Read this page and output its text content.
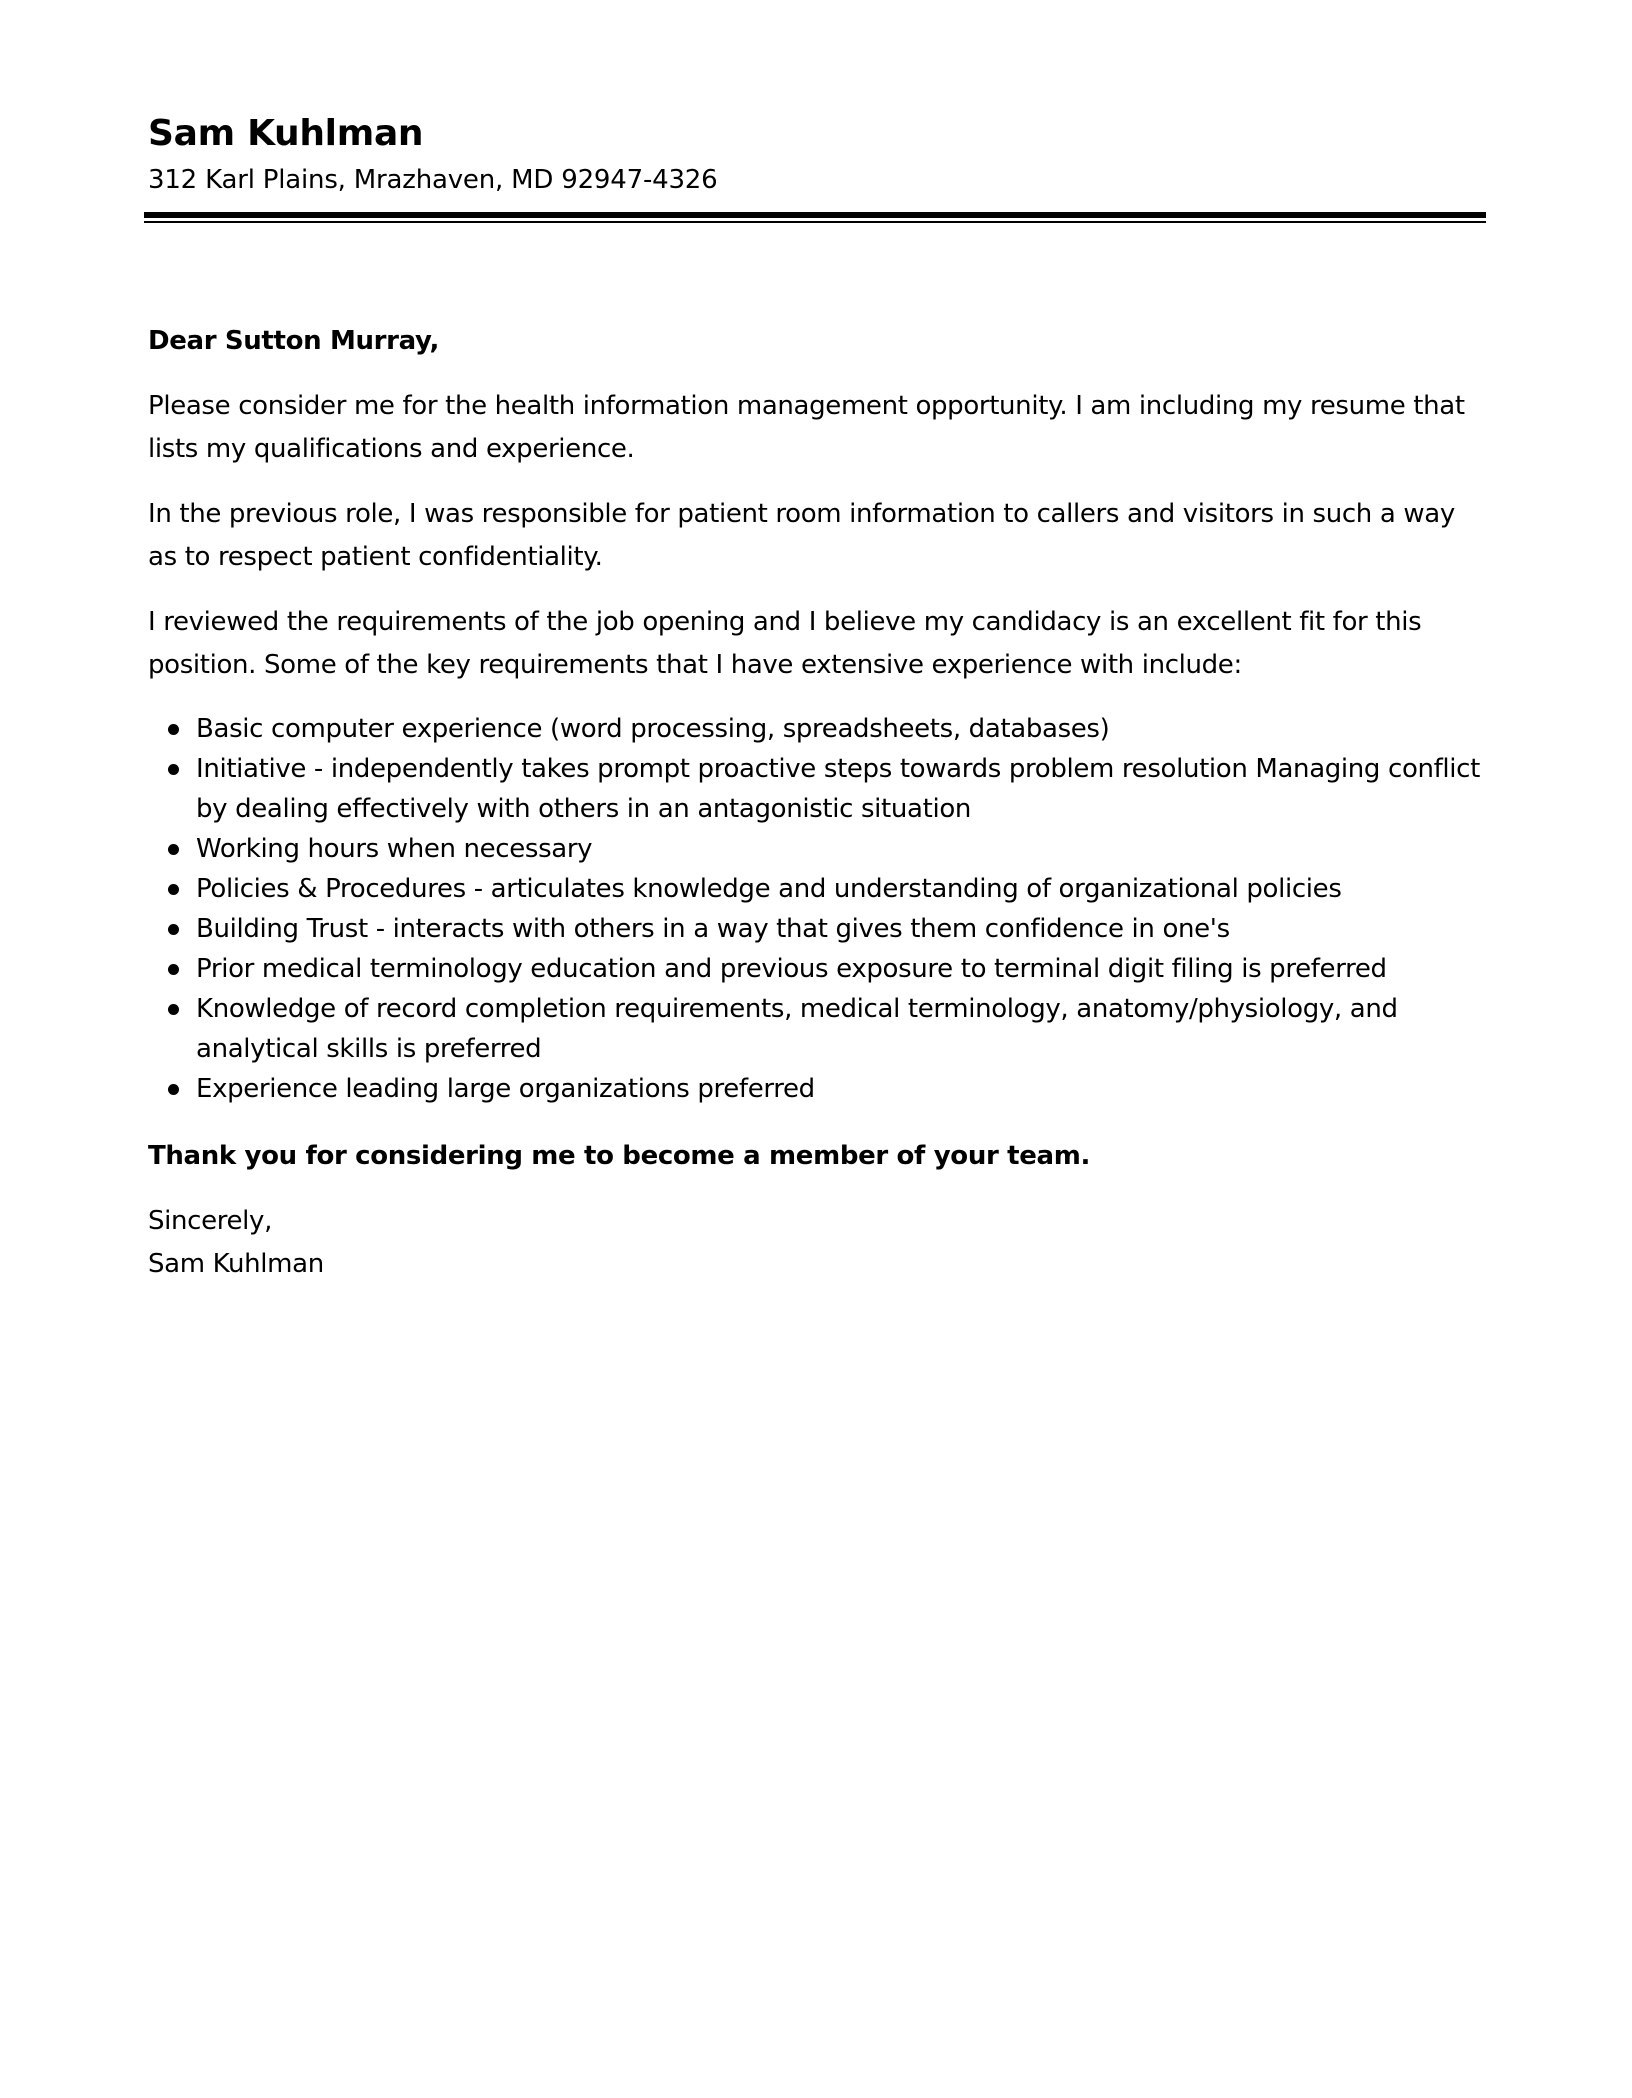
Sam Kuhlman

312 Karl Plains, Mrazhaven, MD 92947-4326

Dear Sutton Murray,

Please consider me for the health information management opportunity. I am including my resume that lists my qualifications and experience.

In the previous role, I was responsible for patient room information to callers and visitors in such a way as to respect patient confidentiality.

I reviewed the requirements of the job opening and I believe my candidacy is an excellent fit for this position. Some of the key requirements that I have extensive experience with include:

Basic computer experience (word processing, spreadsheets, databases)
Initiative - independently takes prompt proactive steps towards problem resolution Managing conflict by dealing effectively with others in an antagonistic situation
Working hours when necessary
Policies & Procedures - articulates knowledge and understanding of organizational policies
Building Trust - interacts with others in a way that gives them confidence in one's
Prior medical terminology education and previous exposure to terminal digit filing is preferred
Knowledge of record completion requirements, medical terminology, anatomy/physiology, and analytical skills is preferred
Experience leading large organizations preferred

Thank you for considering me to become a member of your team.

Sincerely,

Sam Kuhlman
